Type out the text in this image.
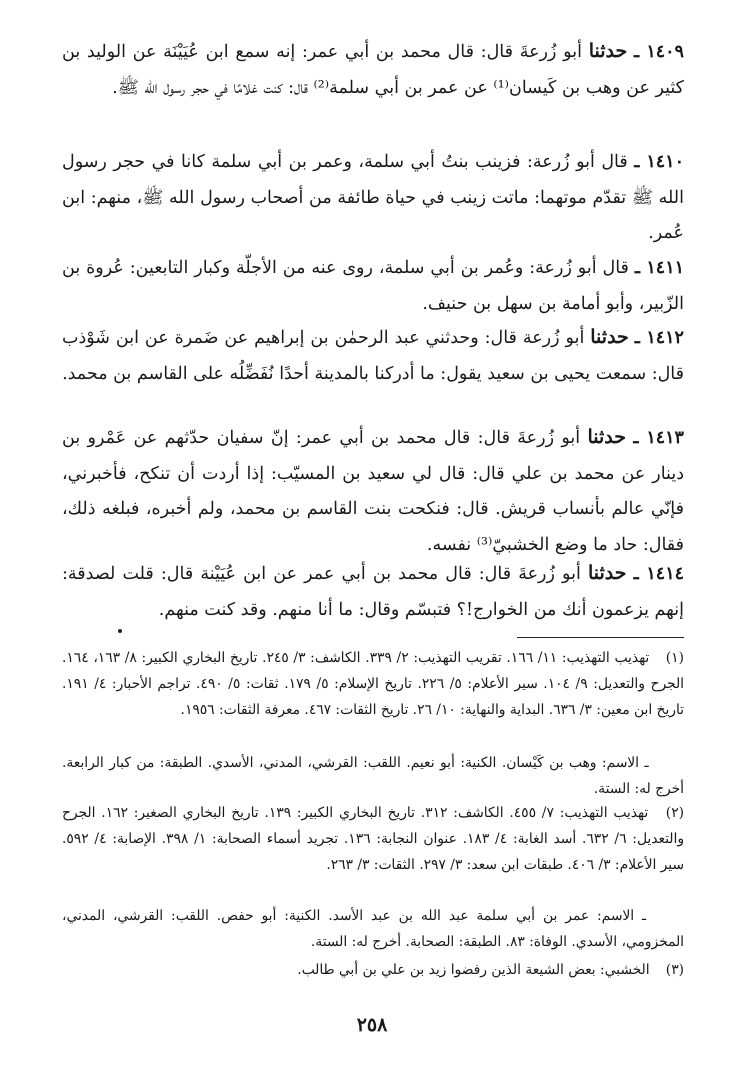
١٤٠٩ ـ حدثنا أبو زُرعةَ قال: قال محمد بن أبي عمر: إنه سمع ابن عُيَيْنَة عن الوليد بن كثير عن وهب بن كَيسان⁽¹⁾ عن عمر بن أبي سلمة⁽²⁾ قال: كنت غلامًا في حجر رسول الله ﷺ.
١٤١٠ ـ قال أبو زُرعة: فزينب بنتُ أبي سلمة، وعمر بن أبي سلمة كانا في حجر رسول الله ﷺ تقدّم موتهما: ماتت زينب في حياة طائفة من أصحاب رسول الله ﷺ، منهم: ابن عُمر.
١٤١١ ـ قال أبو زُرعة: وعُمر بن أبي سلمة، روى عنه من الأجلّة وكبار التابعين: عُروة بن الزّبير، وأبو أمامة بن سهل بن حنيف.
١٤١٢ ـ حدثنا أبو زُرعة قال: وحدثني عبد الرحمٰن بن إبراهيم عن ضَمرة عن ابن شَوْذب قال: سمعت يحيى بن سعيد يقول: ما أدركنا بالمدينة أحدًا نُفَضِّلُه على القاسم بن محمد.
١٤١٣ ـ حدثنا أبو زُرعةَ قال: قال محمد بن أبي عمر: إنّ سفيان حدّثهم عن عَمْرو بن دينار عن محمد بن علي قال: قال لي سعيد بن المسيّب: إذا أردت أن تنكح، فأخبرني، فإنّي عالم بأنساب قريش. قال: فنكحت بنت القاسم بن محمد، ولم أخبره، فبلغه ذلك، فقال: حاد ما وضع الخشبيّ⁽³⁾ نفسه.
١٤١٤ ـ حدثنا أبو زُرعةَ قال: قال محمد بن أبي عمر عن ابن عُيَيْنة قال: قلت لصدقة: إنهم يزعمون أنك من الخوارج!؟ فتبسّم وقال: ما أنا منهم. وقد كنت منهم.
(١) تهذيب التهذيب: ١١/ ١٦٦. تقريب التهذيب: ٢/ ٣٣٩. الكاشف: ٣/ ٢٤٥. تاريخ البخاري الكبير: ٨/ ١٦٣، ١٦٤. الجرح والتعديل: ٩/ ١٠٤. سير الأعلام: ٥/ ٢٢٦. تاريخ الإسلام: ٥/ ١٧٩. ثقات: ٥/ ٤٩٠. تراجم الأحبار: ٤/ ١٩١. تاريخ ابن معين: ٣/ ٦٣٦. البداية والنهاية: ١٠/ ٢٦. تاريخ الثقات: ٤٦٧. معرفة الثقات: ١٩٥٦.
ـ الاسم: وهب بن كَيْسان. الكنية: أبو نعيم. اللقب: القرشي، المدني، الأسدي. الطبقة: من كبار الرابعة. أخرج له: الستة.
(٢) تهذيب التهذيب: ٧/ ٤٥٥. الكاشف: ٣١٢. تاريخ البخاري الكبير: ١٣٩. تاريخ البخاري الصغير: ١٦٢. الجرح والتعديل: ٦/ ٦٣٢. أسد الغابة: ٤/ ١٨٣. عنوان النجابة: ١٣٦. تجريد أسماء الصحابة: ١/ ٣٩٨. الإصابة: ٤/ ٥٩٢. سير الأعلام: ٣/ ٤٠٦. طبقات ابن سعد: ٣/ ٢٩٧. الثقات: ٣/ ٢٦٣.
ـ الاسم: عمر بن أبي سلمة عبد الله بن عبد الأسد. الكنية: أبو حفص. اللقب: القرشي، المدني، المخزومي، الأسدي. الوفاة: ٨٣. الطبقة: الصحابة. أخرج له: الستة.
(٣) الخشبي: بعض الشيعة الذين رفضوا زيد بن علي بن أبي طالب.
٢٥٨
